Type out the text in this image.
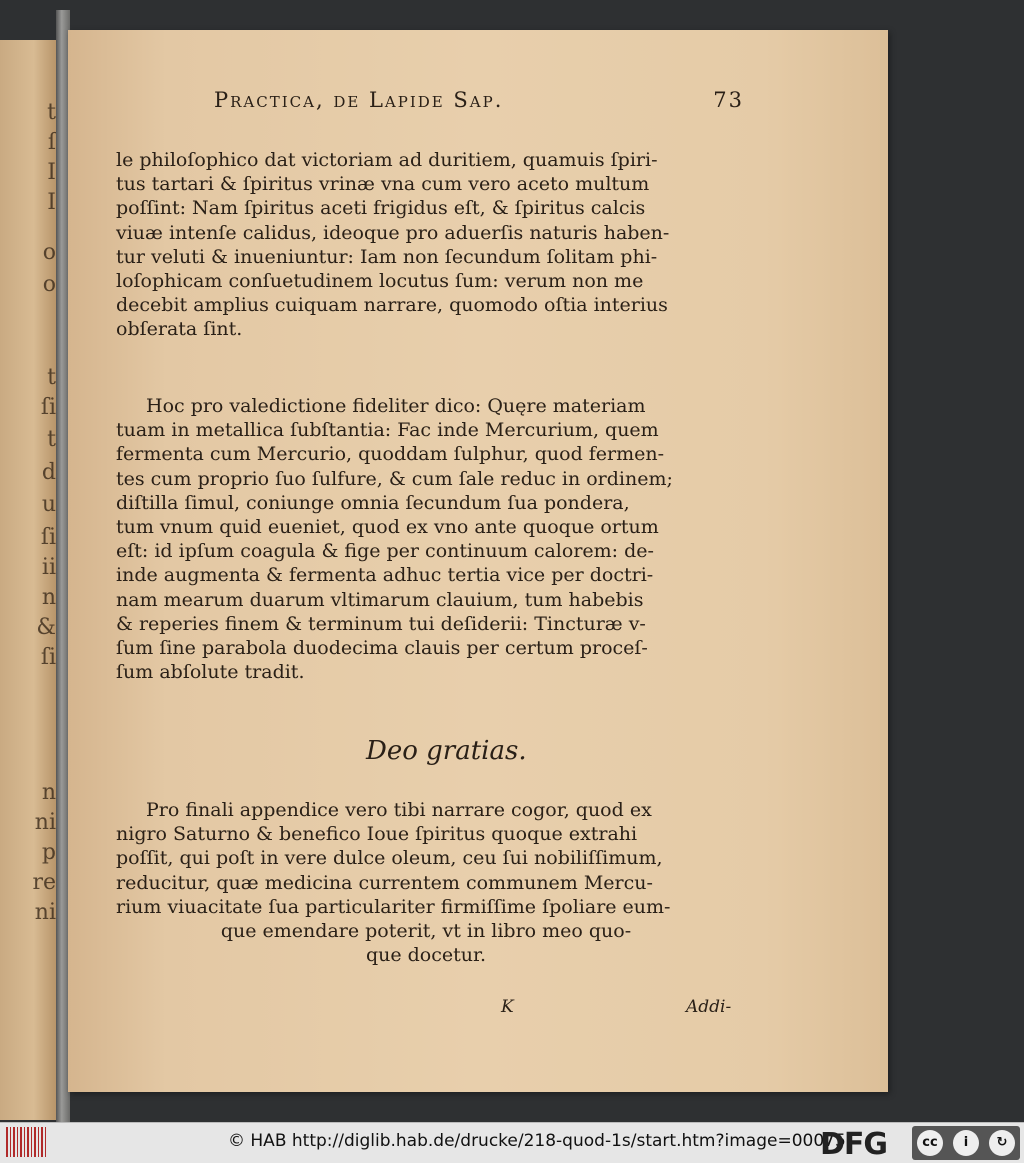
t
ſ
I
I
o
o
t
ſi
t
d
u
ſi
ii
n
&
ſi
n
ni
p
re
ni
Practica, de Lapide Sap.	73
le philoſophico dat victoriam ad duritiem, quamuis ſpiri-
tus tartari & ſpiritus vrinæ vna cum vero aceto multum
poſſint: Nam ſpiritus aceti frigidus eſt, & ſpiritus calcis
viuæ intenſe calidus, ideoque pro aduerſis naturis haben-
tur veluti & inueniuntur: Iam non ſecundum ſolitam phi-
loſophicam conſuetudinem locutus ſum: verum non me
decebit amplius cuiquam narrare, quomodo oſtia interius
obſerata ſint.
Hoc pro valedictione fideliter dico: Quęre materiam
tuam in metallica ſubſtantia: Fac inde Mercurium, quem
fermenta cum Mercurio, quoddam ſulphur, quod fermen-
tes cum proprio ſuo ſulfure, & cum ſale reduc in ordinem;
diſtilla ſimul, coniunge omnia ſecundum ſua pondera,
tum vnum quid eueniet, quod ex vno ante quoque ortum
eſt: id ipſum coagula & fige per continuum calorem: de-
inde augmenta & fermenta adhuc tertia vice per doctri-
nam mearum duarum vltimarum clauium, tum habebis
& reperies finem & terminum tui deſiderii: Tincturæ v-
ſum ſine parabola duodecima clauis per certum proceſ-
ſum abſolute tradit.
Deo gratias.
Pro finali appendice vero tibi narrare cogor, quod ex
nigro Saturno & benefico Ioue ſpiritus quoque extrahi
poſſit, qui poſt in vere dulce oleum, ceu ſui nobiliſſimum,
reducitur, quæ medicina currentem communem Mercu-
rium viuacitate ſua particulariter firmiſſime ſpoliare eum-
que emendare poterit, vt in libro meo quo-
que docetur.
K	Addi-
© HAB http://diglib.hab.de/drucke/218-quod-1s/start.htm?image=00075
DFG	cc	i	↻
